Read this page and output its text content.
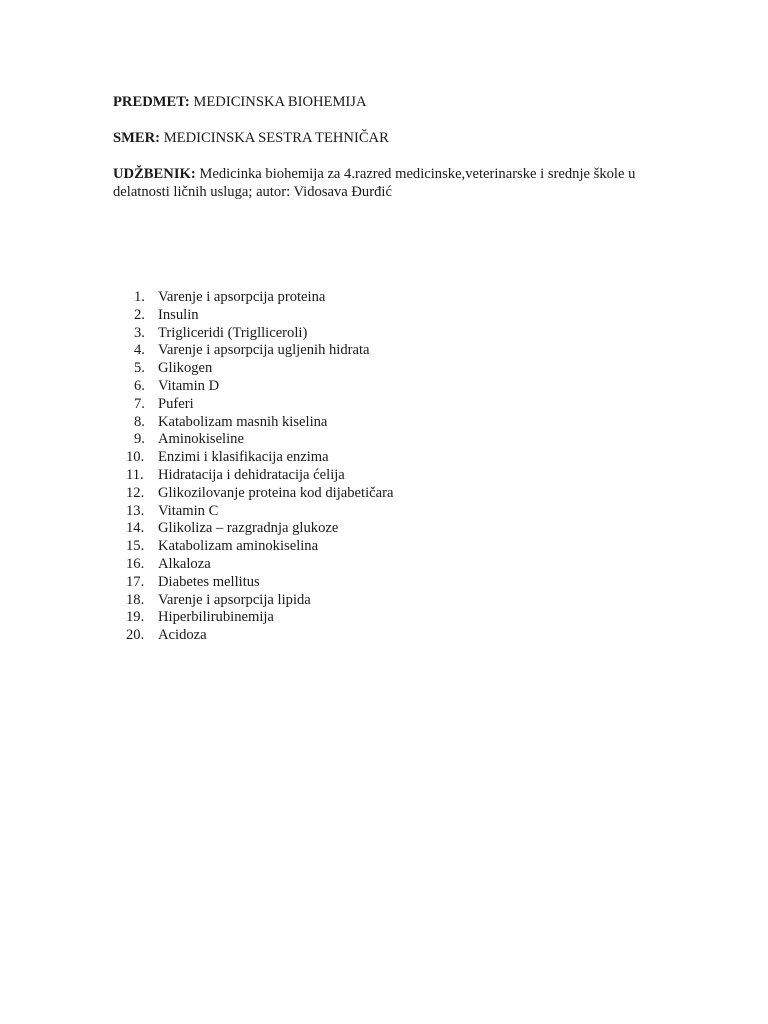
PREDMET: MEDICINSKA BIOHEMIJA
SMER: MEDICINSKA SESTRA TEHNIČAR
UDŽBENIK: Medicinka biohemija za 4.razred medicinske,veterinarske i srednje škole u delatnosti ličnih usluga; autor: Vidosava Đurđić
1. Varenje i apsorpcija proteina
2. Insulin
3. Trigliceridi (Triglliceroli)
4. Varenje i apsorpcija ugljenih hidrata
5. Glikogen
6. Vitamin D
7. Puferi
8. Katabolizam masnih kiselina
9. Aminokiseline
10. Enzimi i klasifikacija enzima
11. Hidratacija i dehidratacija ćelija
12. Glikozilovanje proteina kod dijabetičara
13. Vitamin C
14. Glikoliza – razgradnja glukoze
15. Katabolizam aminokiselina
16. Alkaloza
17. Diabetes mellitus
18. Varenje i apsorpcija lipida
19. Hiperbilirubinemija
20. Acidoza
